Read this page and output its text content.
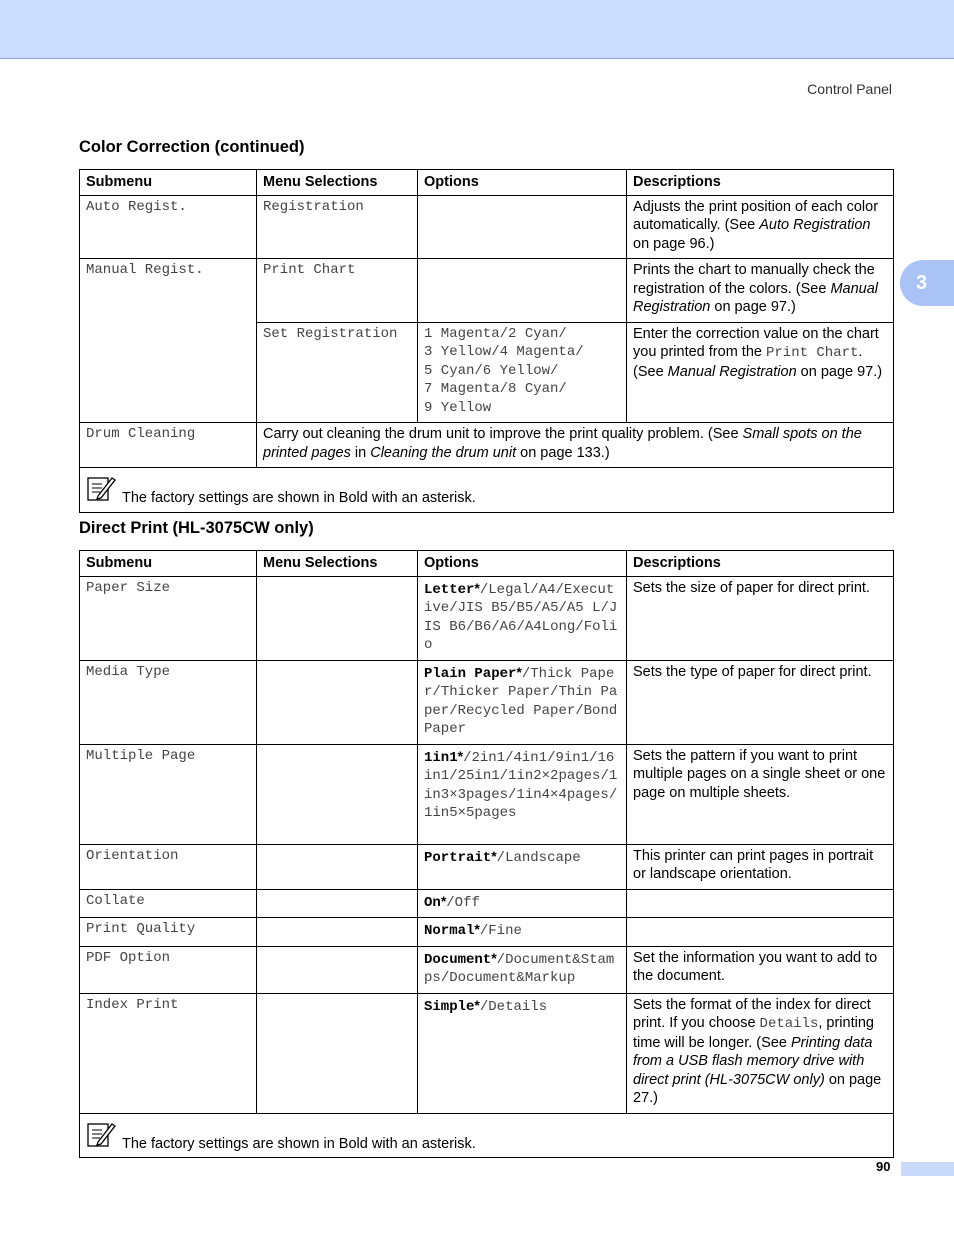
Control Panel
3
Color Correction (continued)
Submenu	Menu Selections	Options	Descriptions
Auto Regist.	Registration		Adjusts the print position of each color automatically. (See Auto Registration on page 96.)
Manual Regist.	Print Chart		Prints the chart to manually check the registration of the colors. (See Manual Registration on page 97.)
	Set Registration	1 Magenta/2 Cyan/
3 Yellow/4 Magenta/
5 Cyan/6 Yellow/
7 Magenta/8 Cyan/
9 Yellow	Enter the correction value on the chart you printed from the Print Chart. (See Manual Registration on page 97.)
Drum Cleaning	Carry out cleaning the drum unit to improve the print quality problem. (See Small spots on the printed pages in Cleaning the drum unit on page 133.)		
The factory settings are shown in Bold with an asterisk.			
Direct Print (HL-3075CW only)
Submenu	Menu Selections	Options	Descriptions
Paper Size		Letter*/Legal/A4/Executive/JIS B5/B5/A5/A5 L/JIS B6/B6/A6/A4Long/Folio	Sets the size of paper for direct print.
Media Type		Plain Paper*/Thick Paper/Thicker Paper/Thin Paper/Recycled Paper/Bond Paper	Sets the type of paper for direct print.
Multiple Page		1in1*/2in1/4in1/9in1/16in1/25in1/1in2×2pages/1in3×3pages/1in4×4pages/1in5×5pages	Sets the pattern if you want to print multiple pages on a single sheet or one page on multiple sheets.
Orientation		Portrait*/Landscape	This printer can print pages in portrait or landscape orientation.
Collate		On*/Off	
Print Quality		Normal*/Fine	
PDF Option		Document*/Document&Stamps/Document&Markup	Set the information you want to add to the document.
Index Print		Simple*/Details	Sets the format of the index for direct print. If you choose Details, printing time will be longer. (See Printing data from a USB flash memory drive with direct print (HL-3075CW only) on page 27.)
The factory settings are shown in Bold with an asterisk.			
90
